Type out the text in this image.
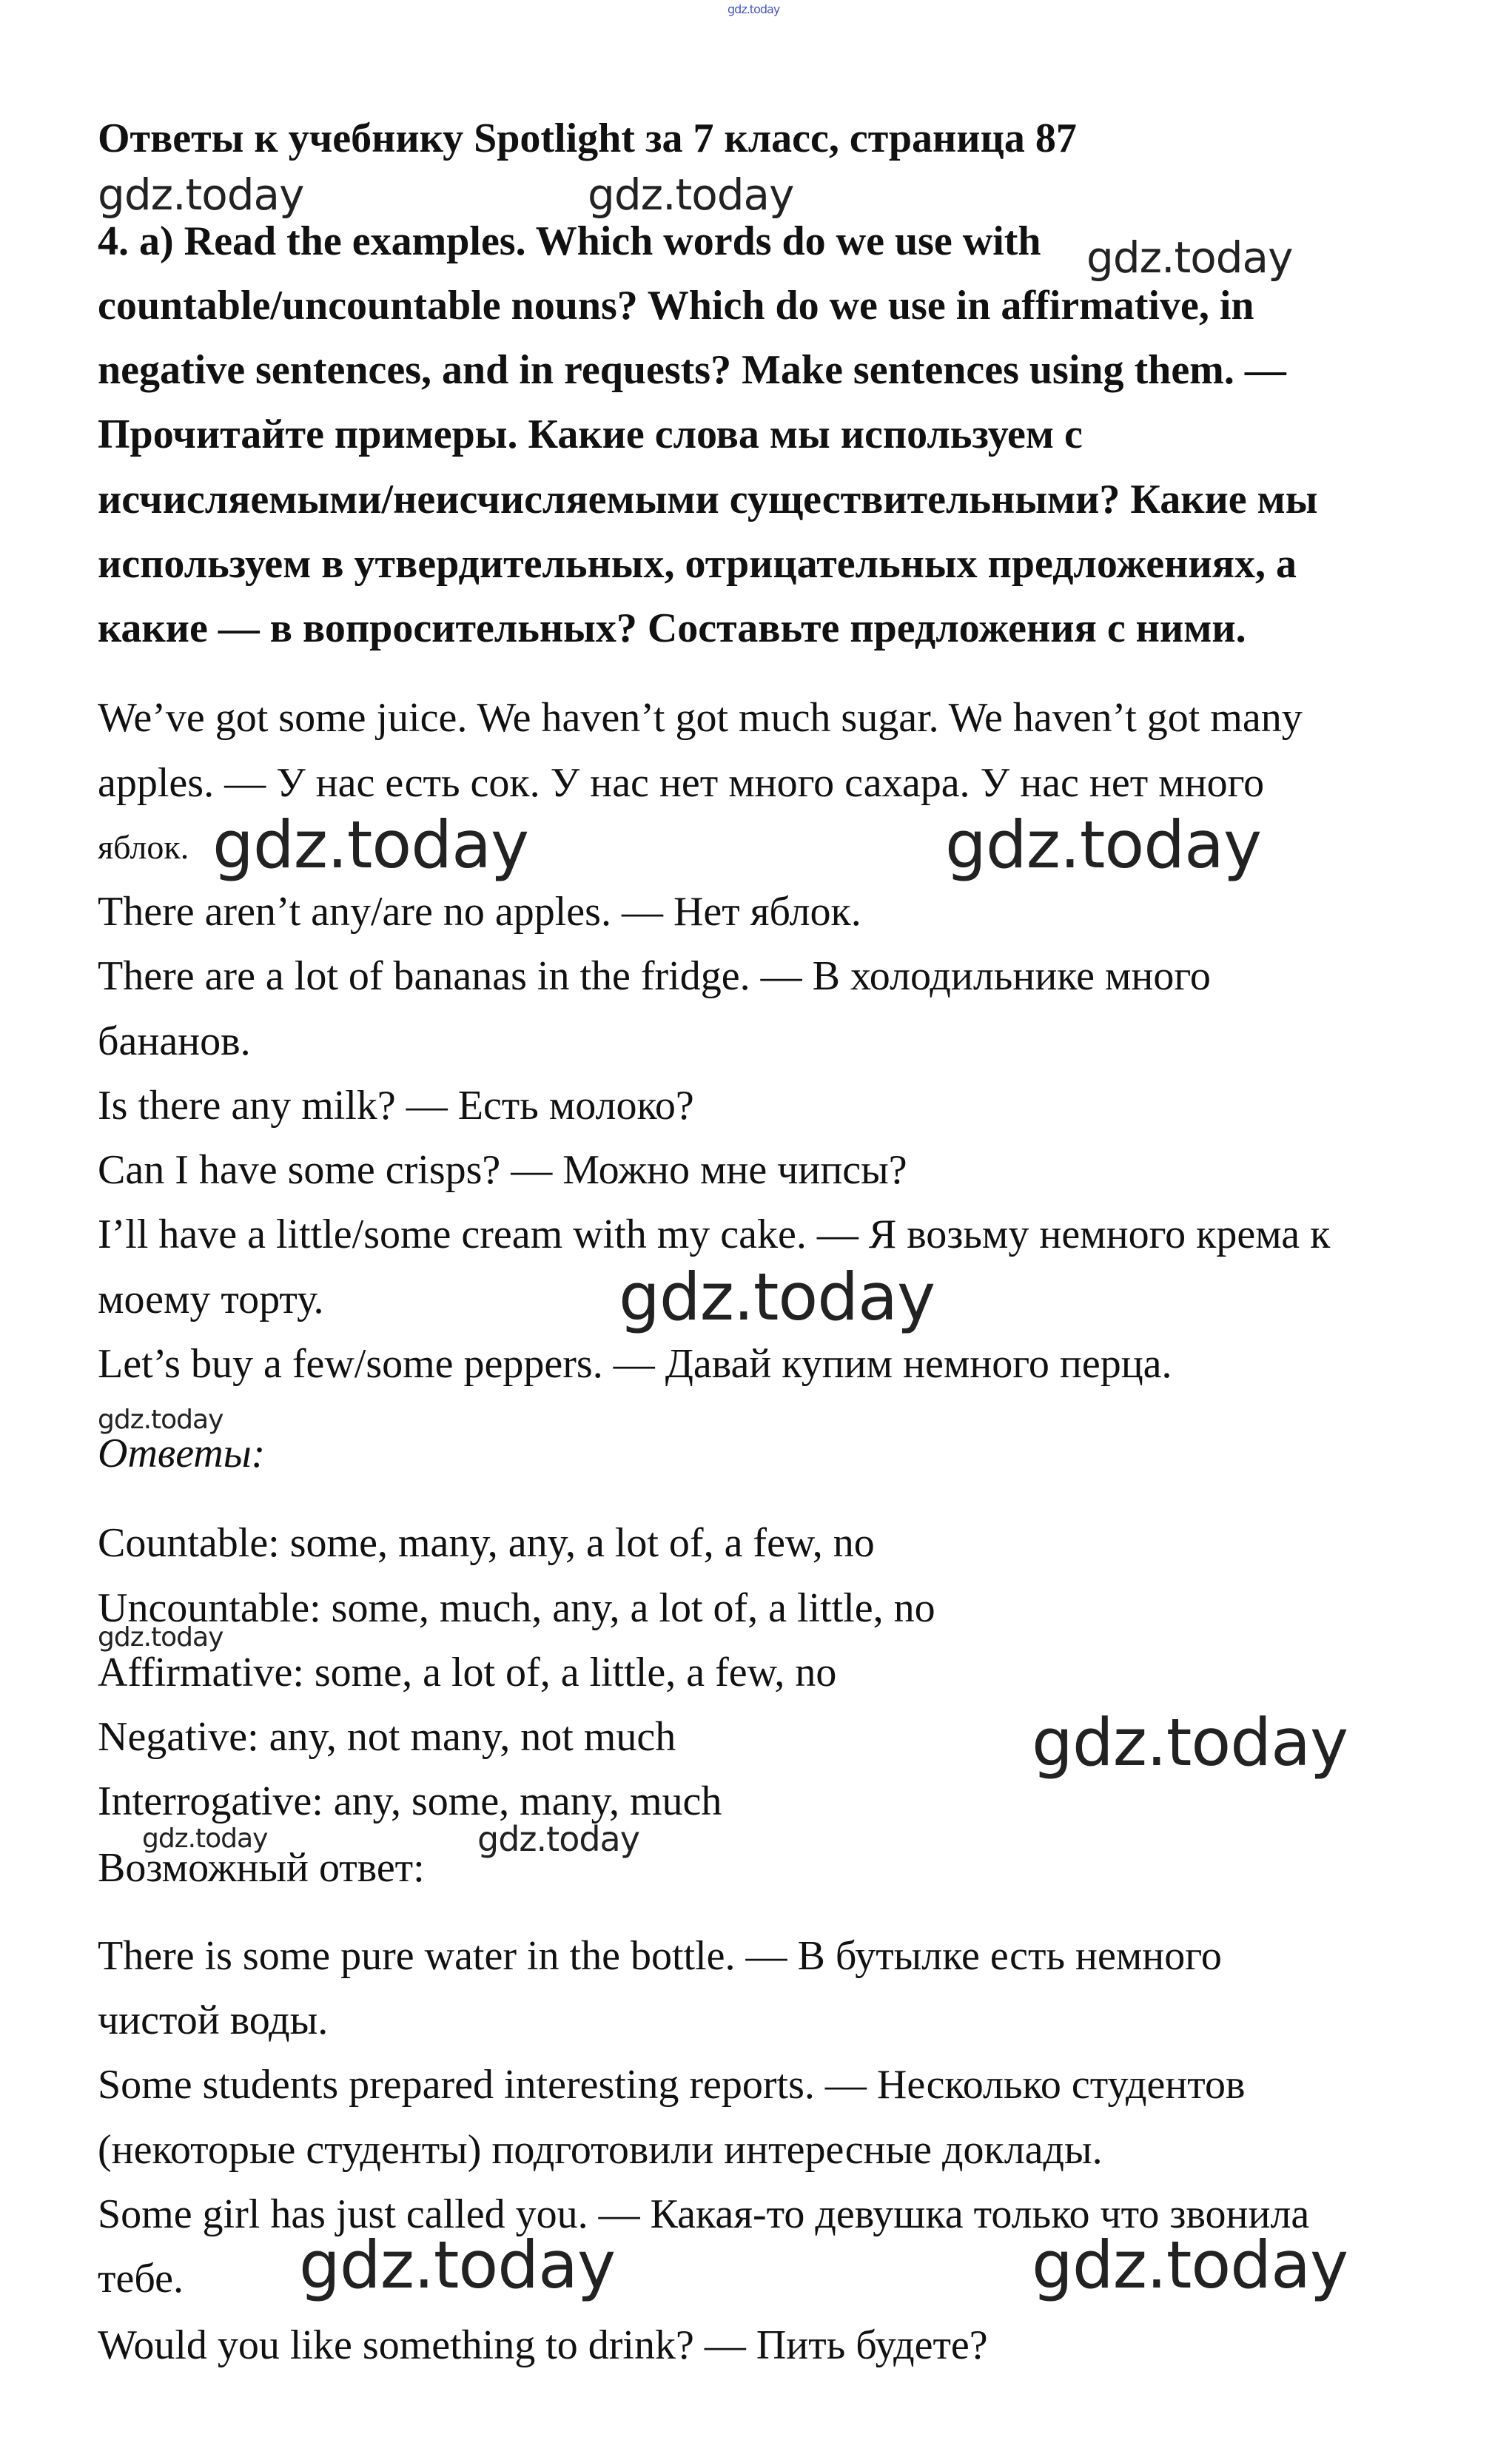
gdz.today
gdz.today	gdz.today
gdz.today
gdz.today	gdz.today
gdz.today
gdz.today
gdz.today
gdz.today
gdz.today	gdz.today
gdz.today	gdz.today
Ответы к учебнику Spotlight за 7 класс, страница 87
4. a) Read the examples. Which words do we use with
countable/uncountable nouns? Which do we use in affirmative, in
negative sentences, and in requests? Make sentences using them. —
Прочитайте примеры. Какие слова мы используем с
исчисляемыми/неисчисляемыми существительными? Какие мы
используем в утвердительных, отрицательных предложениях, а
какие — в вопросительных? Составьте предложения с ними.
We’ve got some juice. We haven’t got much sugar. We haven’t got many
apples. — У нас есть сок. У нас нет много сахара. У нас нет много
яблок.
There aren’t any/are no apples. — Нет яблок.
There are a lot of bananas in the fridge. — В холодильнике много
бананов.
Is there any milk? — Есть молоко?
Can I have some crisps? — Можно мне чипсы?
I’ll have a little/some cream with my cake. — Я возьму немного крема к
моему торту.
Let’s buy a few/some peppers. — Давай купим немного перца.
Ответы:
Countable: some, many, any, a lot of, a few, no
Uncountable: some, much, any, a lot of, a little, no
Affirmative: some, a lot of, a little, a few, no
Negative: any, not many, not much
Interrogative: any, some, many, much
Возможный ответ:
There is some pure water in the bottle. — В бутылке есть немного
чистой воды.
Some students prepared interesting reports. — Несколько студентов
(некоторые студенты) подготовили интересные доклады.
Some girl has just called you. — Какая-то девушка только что звонила
тебе.
Would you like something to drink? — Пить будете?
